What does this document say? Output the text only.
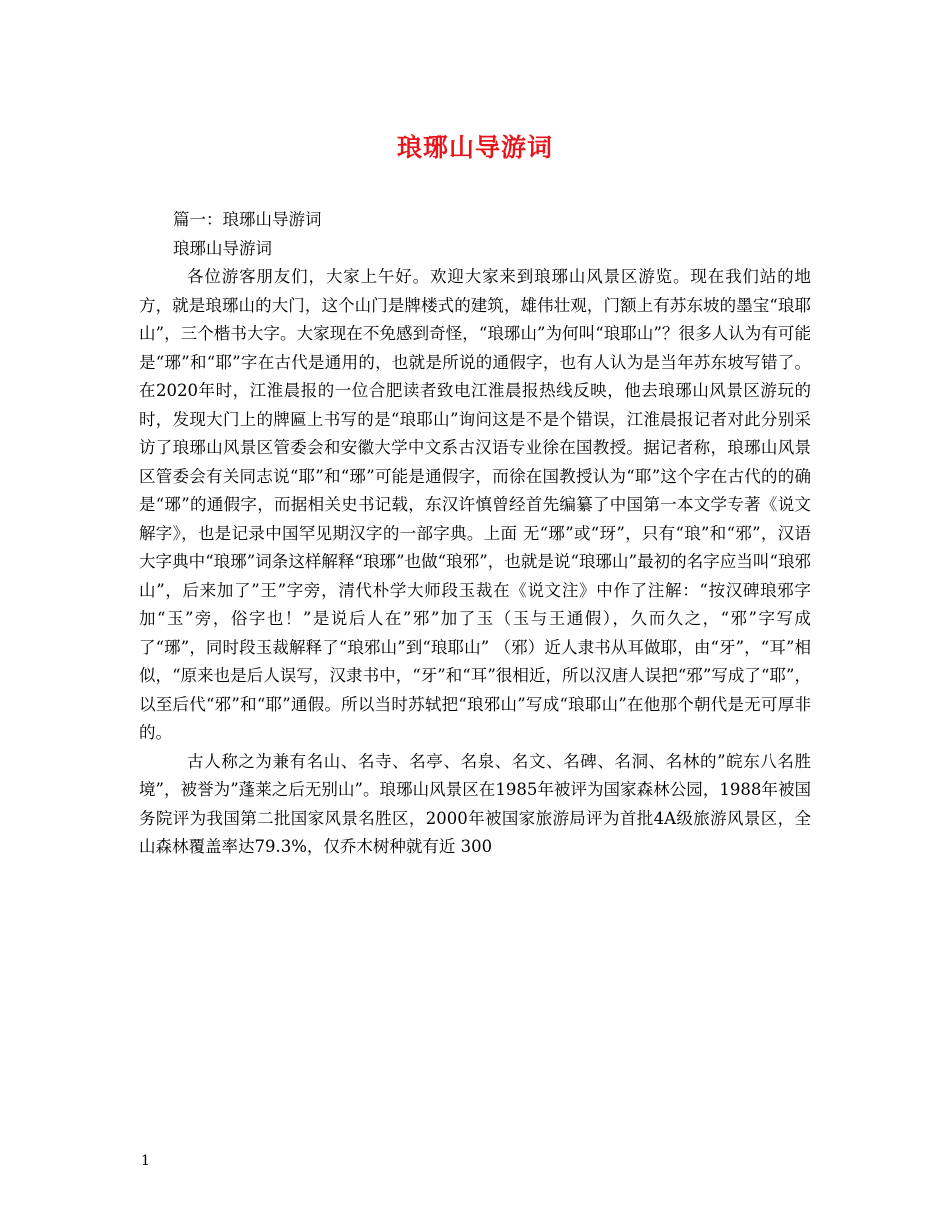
琅琊山导游词

篇一：琅琊山导游词

琅琊山导游词

各位游客朋友们，大家上午好。欢迎大家来到琅琊山风景区游览。现在我们站的地方，就是琅琊山的大门，这个山门是牌楼式的建筑，雄伟壮观，门额上有苏东坡的墨宝“琅耶山”，三个楷书大字。大家现在不免感到奇怪，“琅琊山”为何叫“琅耶山”？很多人认为有可能是“琊”和“耶”字在古代是通用的，也就是所说的通假字，也有人认为是当年苏东坡写错了。在2020年时，江淮晨报的一位合肥读者致电江淮晨报热线反映，他去琅琊山风景区游玩的时，发现大门上的牌匾上书写的是“琅耶山”询问这是不是个错误，江淮晨报记者对此分别采访了琅琊山风景区管委会和安徽大学中文系古汉语专业徐在国教授。据记者称，琅琊山风景区管委会有关同志说“耶”和“琊”可能是通假字，而徐在国教授认为“耶”这个字在古代的的确是“琊”的通假字，而据相关史书记载，东汉许慎曾经首先编纂了中国第一本文学专著《说文解字》，也是记录中国罕见期汉字的一部字典。上面 无“琊”或“玡”，只有“琅”和“邪”，汉语大字典中“琅琊”词条这样解释“琅琊”也做“琅邪”，也就是说“琅琊山”最初的名字应当叫“琅邪山”，后来加了”王”字旁，清代朴学大师段玉裁在《说文注》中作了注解：“按汉碑琅邪字加“玉”旁，俗字也！”是说后人在”邪”加了玉（玉与王通假），久而久之，“邪”字写成了“琊”，同时段玉裁解释了“琅邪山”到“琅耶山” （邪）近人隶书从耳做耶，由“牙”，“耳”相似，“原来也是后人误写，汉隶书中，“牙”和“耳”很相近，所以汉唐人误把“邪”写成了“耶”，以至后代“邪”和“耶”通假。所以当时苏轼把“琅邪山”写成“琅耶山”在他那个朝代是无可厚非的。

古人称之为兼有名山、名寺、名亭、名泉、名文、名碑、名洞、名林的”皖东八名胜境”，被誉为”蓬莱之后无别山”。琅琊山风景区在1985年被评为国家森林公园，1988年被国务院评为我国第二批国家风景名胜区，2000年被国家旅游局评为首批4A级旅游风景区，全山森林覆盖率达79.3%，仅乔木树种就有近 300

1
